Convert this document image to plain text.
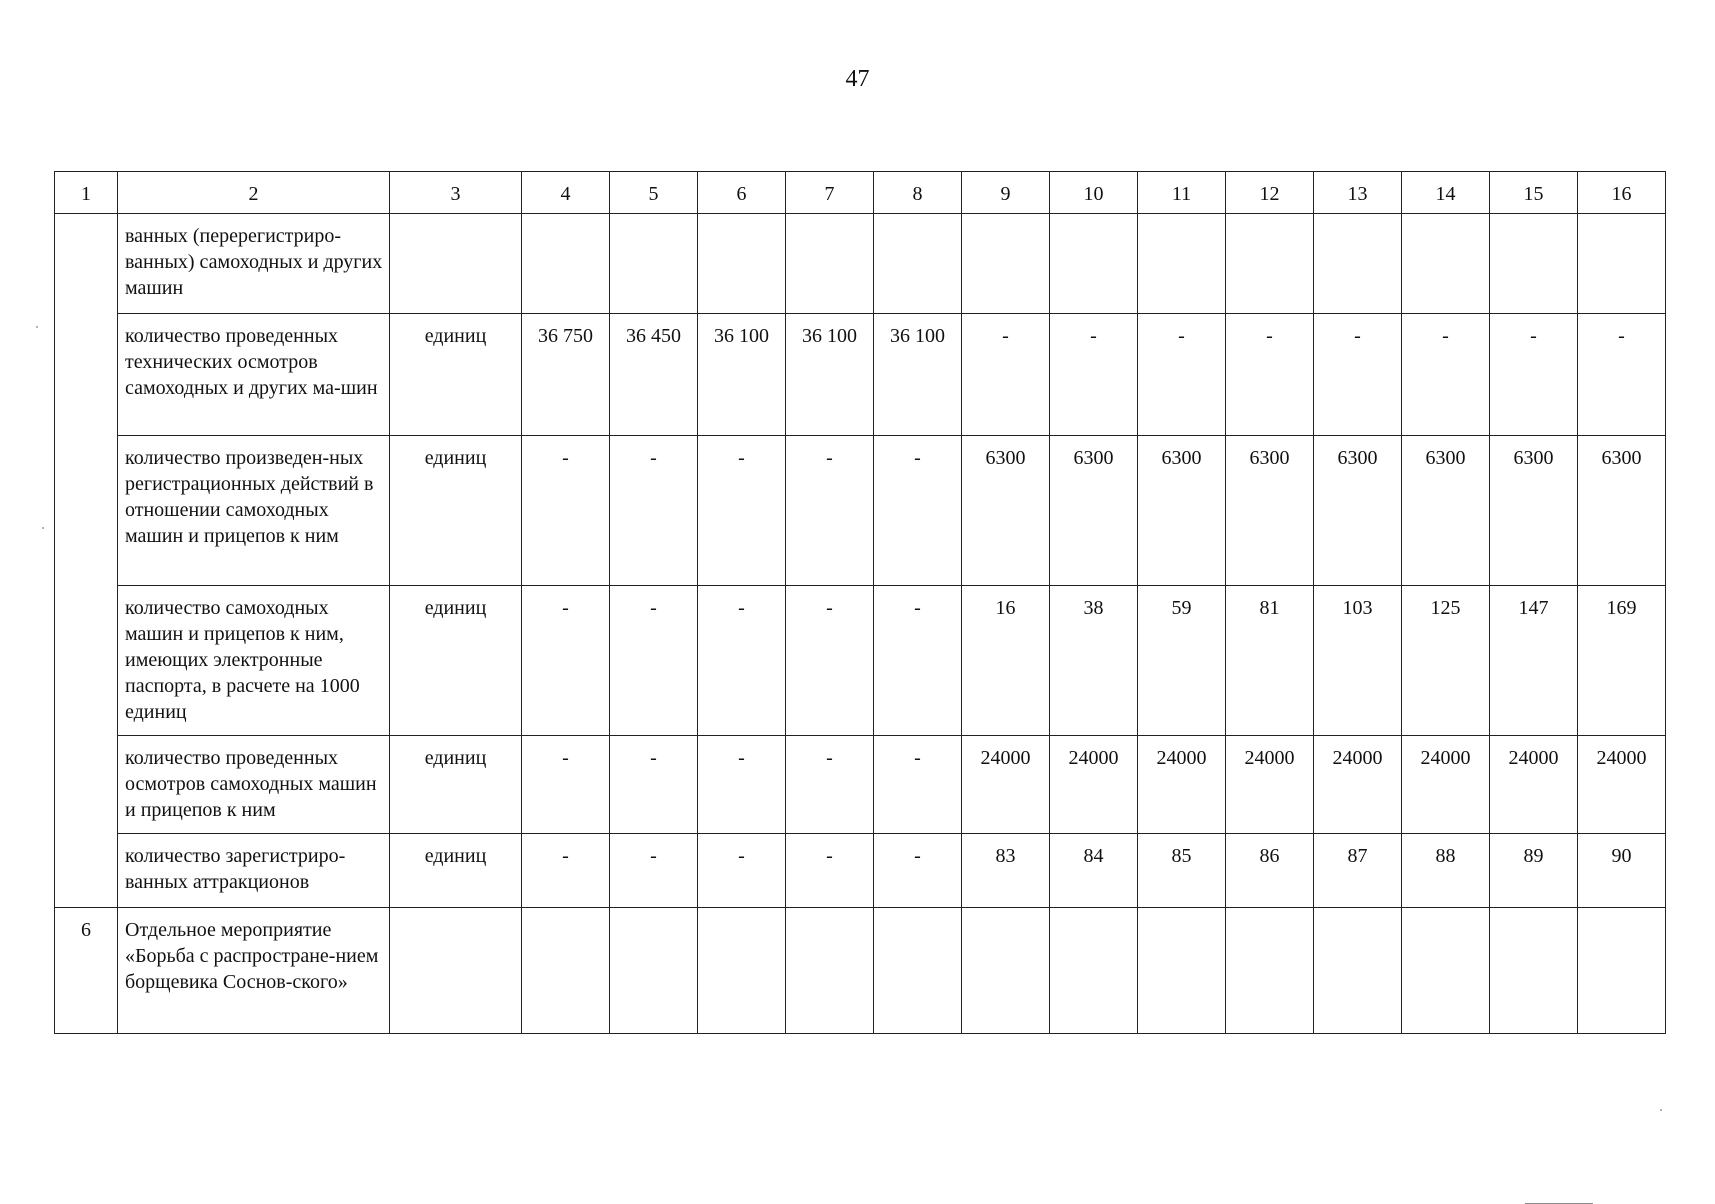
47
1	2	3	4	5	6	7	8	9	10	11	12	13	14	15	16
	ванных (перерегистриро-ванных) самоходных и других машин														
	количество проведенных технических осмотров самоходных и других ма-шин	единиц	36 750	36 450	36 100	36 100	36 100	-	-	-	-	-	-	-	-
	количество произведен-ных регистрационных действий в отношении самоходных машин и прицепов к ним	единиц	-	-	-	-	-	6300	6300	6300	6300	6300	6300	6300	6300
	количество самоходных машин и прицепов к ним, имеющих электронные паспорта, в расчете на 1000 единиц	единиц	-	-	-	-	-	16	38	59	81	103	125	147	169
	количество проведенных осмотров самоходных машин и прицепов к ним	единиц	-	-	-	-	-	24000	24000	24000	24000	24000	24000	24000	24000
	количество зарегистриро-ванных аттракционов	единиц	-	-	-	-	-	83	84	85	86	87	88	89	90
6	Отдельное мероприятие «Борьба с распростране-нием борщевика Соснов-ского»														
